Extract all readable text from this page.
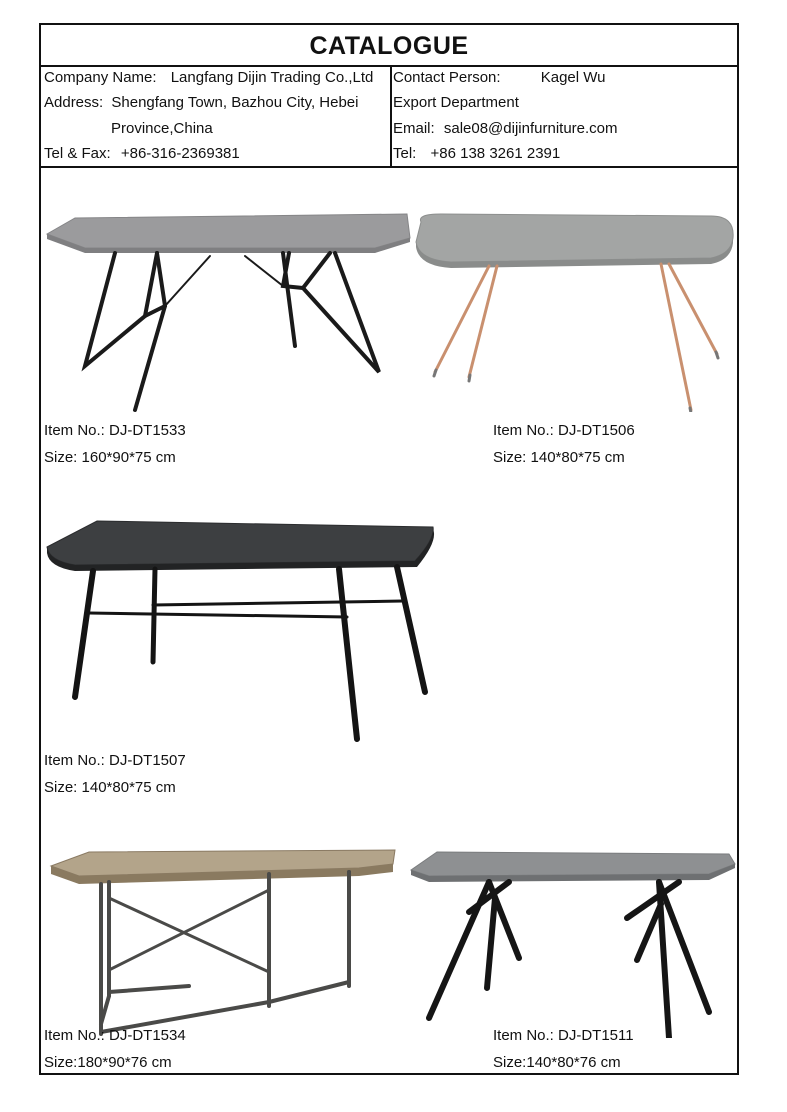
CATALOGUE
Company Name: Langfang Dijin Trading Co.,Ltd
Address: Shengfang Town, Bazhou City, Hebei
Province,China
Tel & Fax: +86-316-2369381
Contact Person:	Kagel Wu
Export Department
Email: sale08@dijinfurniture.com
Tel: +86 138 3261 2391
Item No.: DJ-DT1533
Size: 160*90*75 cm
Item No.: DJ-DT1506
Size: 140*80*75 cm
Item No.: DJ-DT1507
Size: 140*80*75 cm
Item No.: DJ-DT1534
Size:180*90*76 cm
Item No.: DJ-DT1511
Size:140*80*76 cm
